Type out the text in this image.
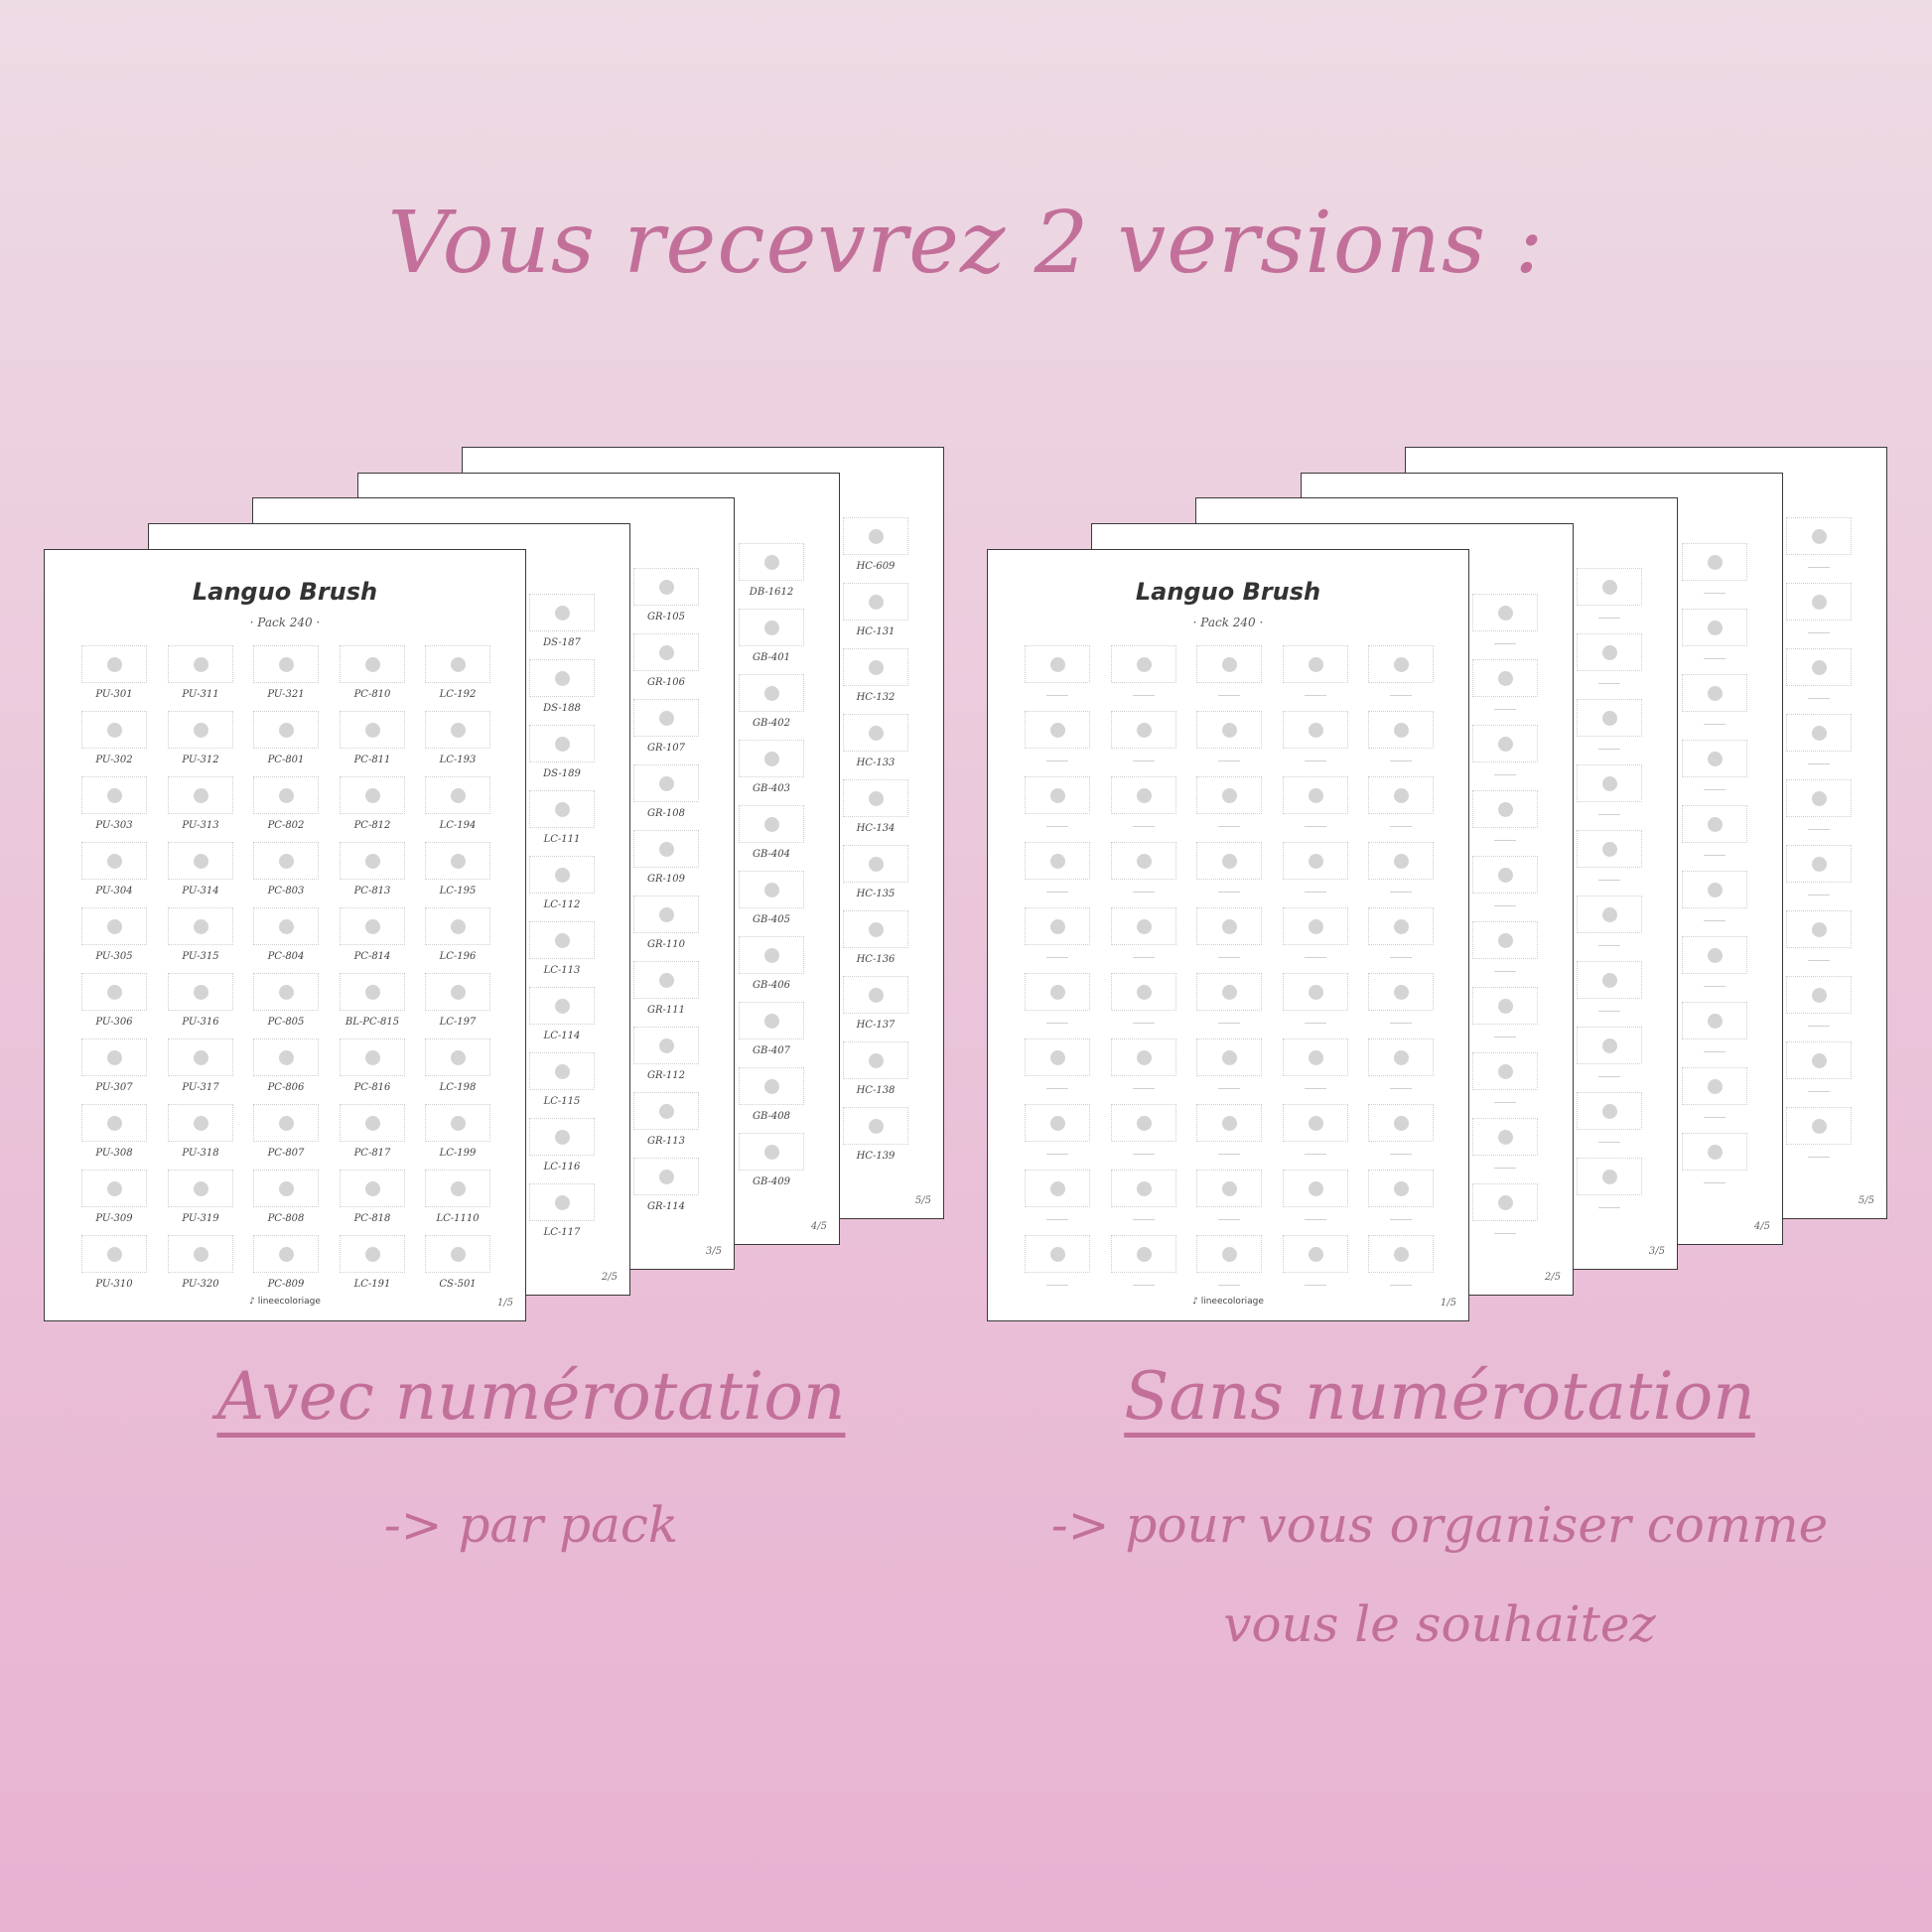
Vous recevrez 2 versions :
HC-609
HC-131
HC-132
HC-133
HC-134
HC-135
HC-136
HC-137
HC-138
HC-139
5/5
DB-1612
GB-401
GB-402
GB-403
GB-404
GB-405
GB-406
GB-407
GB-408
GB-409
4/5
GR-105
GR-106
GR-107
GR-108
GR-109
GR-110
GR-111
GR-112
GR-113
GR-114
3/5
DS-187
DS-188
DS-189
LC-111
LC-112
LC-113
LC-114
LC-115
LC-116
LC-117
2/5
PU-301
PU-302
PU-303
PU-304
PU-305
PU-306
PU-307
PU-308
PU-309
PU-310
PU-311
PU-312
PU-313
PU-314
PU-315
PU-316
PU-317
PU-318
PU-319
PU-320
PU-321
PC-801
PC-802
PC-803
PC-804
PC-805
PC-806
PC-807
PC-808
PC-809
PC-810
PC-811
PC-812
PC-813
PC-814
BL-PC-815
PC-816
PC-817
PC-818
LC-191
LC-192
LC-193
LC-194
LC-195
LC-196
LC-197
LC-198
LC-199
LC-1110
CS-501
Languo Brush
· Pack 240 ·
♪ lineecoloriage	1/5
5/5
4/5
3/5
2/5
Languo Brush
· Pack 240 ·
♪ lineecoloriage	1/5
Avec numérotation
-> par pack
Sans numérotation
-> pour vous organiser comme
vous le souhaitez
